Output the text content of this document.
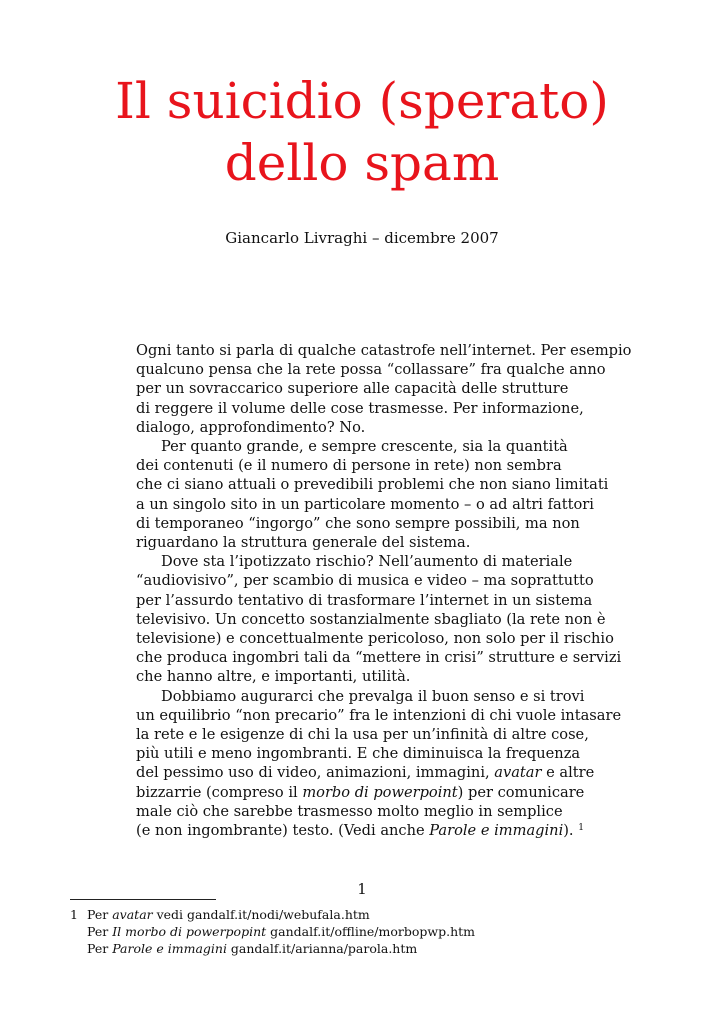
Il suicidio (sperato)
dello spam
Giancarlo Livraghi – dicembre 2007

Ogni tanto si parla di qualche catastrofe nell’internet. Per esempio
qualcuno pensa che la rete possa “collassare” fra qualche anno
per un sovraccarico superiore alle capacità delle strutture
di reggere il volume delle cose trasmesse. Per informazione,
dialogo, approfondimento? No.

Per quanto grande, e sempre crescente, sia la quantità
dei contenuti (e il numero di persone in rete) non sembra
che ci siano attuali o prevedibili problemi che non siano limitati
a un singolo sito in un particolare momento – o ad altri fattori
di temporaneo “ingorgo” che sono sempre possibili, ma non
riguardano la struttura generale del sistema.

Dove sta l’ipotizzato rischio? Nell’aumento di materiale
“audiovisivo”, per scambio di musica e video – ma soprattutto
per l’assurdo tentativo di trasformare l’internet in un sistema
televisivo. Un concetto sostanzialmente sbagliato (la rete non è
televisione) e concettualmente pericoloso, non solo per il rischio
che produca ingombri tali da “mettere in crisi” strutture e servizi
che hanno altre, e importanti, utilità.

Dobbiamo augurarci che prevalga il buon senso e si trovi
un equilibrio “non precario” fra le intenzioni di chi vuole intasare
la rete e le esigenze di chi la usa per un’infinità di altre cose,
più utili e meno ingombranti. E che diminuisca la frequenza
del pessimo uso di video, animazioni, immagini, avatar e altre
bizzarrie (compreso il morbo di powerpoint) per comunicare
male ciò che sarebbe trasmesso molto meglio in semplice
(e non ingombrante) testo. (Vedi anche Parole e immagini). $^1$

1
1 Per avatar vedi gandalf.it/nodi/webufala.htm
Per Il morbo di powerpopint gandalf.it/offline/morbopwp.htm
Per Parole e immagini gandalf.it/arianna/parola.htm
